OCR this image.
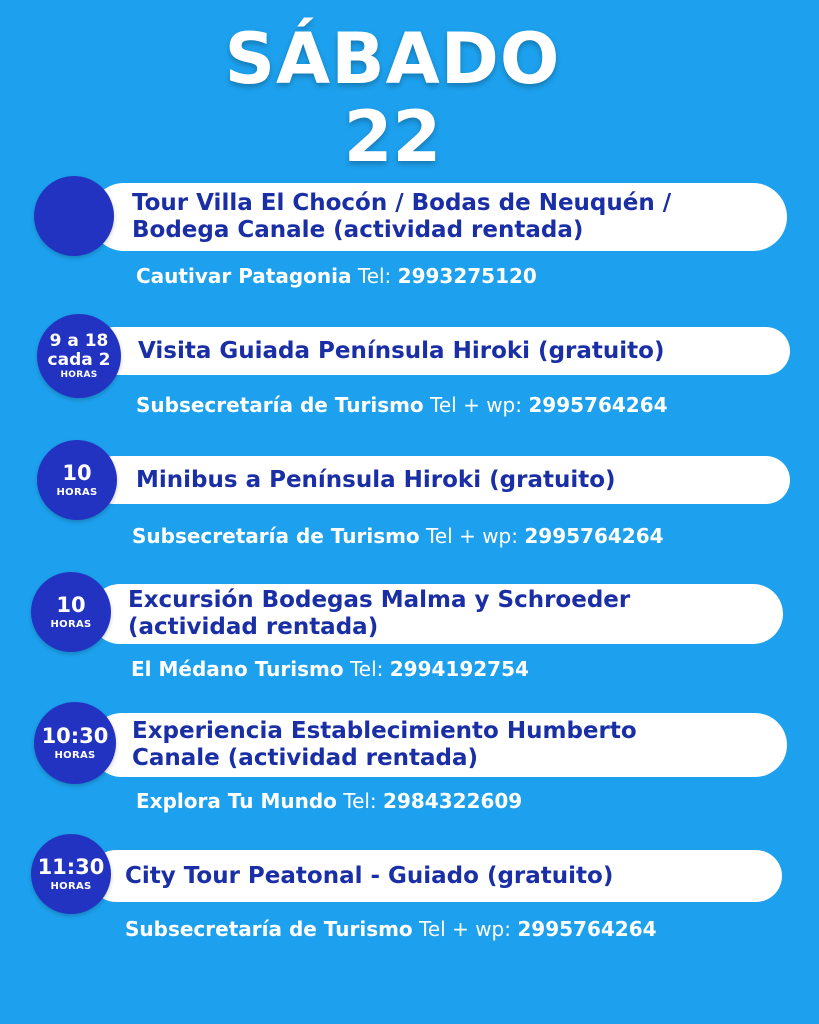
SÁBADO
22
Tour Villa El Chocón / Bodas de Neuquén /
Bodega Canale (actividad rentada)
Cautivar Patagonia Tel: 2993275120
Visita Guiada Península Hiroki (gratuito)
9 a 18
cada 2
HORAS
Subsecretaría de Turismo Tel + wp: 2995764264
Minibus a Península Hiroki (gratuito)
10
HORAS
Subsecretaría de Turismo Tel + wp: 2995764264
Excursión Bodegas Malma y Schroeder
(actividad rentada)
10
HORAS
El Médano Turismo Tel: 2994192754
Experiencia Establecimiento Humberto
Canale (actividad rentada)
10:30
HORAS
Explora Tu Mundo Tel: 2984322609
City Tour Peatonal - Guiado (gratuito)
11:30
HORAS
Subsecretaría de Turismo Tel + wp: 2995764264
